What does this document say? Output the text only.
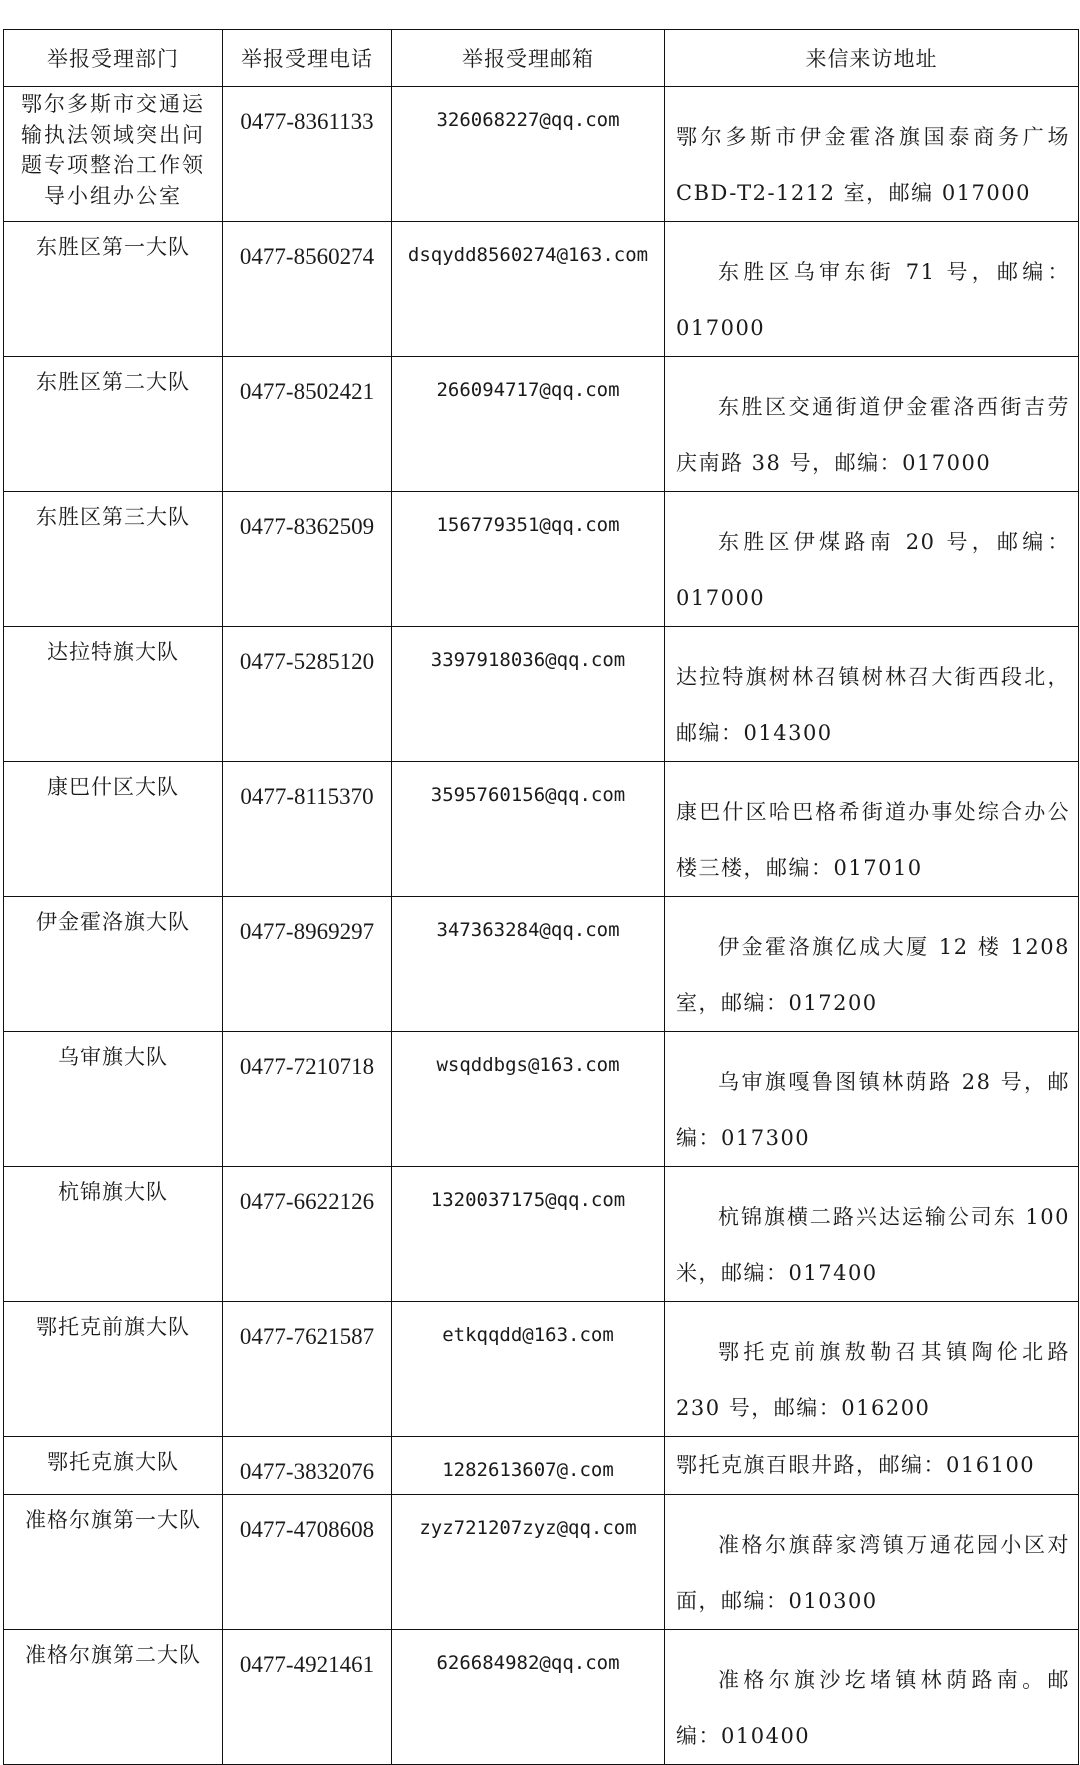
举报受理部门	举报受理电话	举报受理邮箱	来信来访地址
鄂尔多斯市交通运输执法领域突出问题专项整治工作领导小组办公室	0477-8361133	326068227@qq.com	鄂尔多斯市伊金霍洛旗国泰商务广场CBD-T2-1212 室，邮编 017000
东胜区第一大队	0477-8560274	dsqydd8560274@163.com	东胜区乌审东街 71 号，邮编：017000
东胜区第二大队	0477-8502421	266094717@qq.com	东胜区交通街道伊金霍洛西街吉劳庆南路 38 号，邮编：017000
东胜区第三大队	0477-8362509	156779351@qq.com	东胜区伊煤路南 20 号，邮编：017000
达拉特旗大队	0477-5285120	3397918036@qq.com	达拉特旗树林召镇树林召大街西段北，邮编：014300
康巴什区大队	0477-8115370	3595760156@qq.com	康巴什区哈巴格希街道办事处综合办公楼三楼，邮编：017010
伊金霍洛旗大队	0477-8969297	347363284@qq.com	伊金霍洛旗亿成大厦 12 楼 1208 室，邮编：017200
乌审旗大队	0477-7210718	wsqddbgs@163.com	乌审旗嘎鲁图镇林荫路 28 号，邮编：017300
杭锦旗大队	0477-6622126	1320037175@qq.com	杭锦旗横二路兴达运输公司东 100 米，邮编：017400
鄂托克前旗大队	0477-7621587	etkqqdd@163.com	鄂托克前旗敖勒召其镇陶伦北路 230 号，邮编：016200
鄂托克旗大队	0477-3832076	1282613607@.com	鄂托克旗百眼井路，邮编：016100
准格尔旗第一大队	0477-4708608	zyz721207zyz@qq.com	准格尔旗薛家湾镇万通花园小区对面，邮编：010300
准格尔旗第二大队	0477-4921461	626684982@qq.com	准格尔旗沙圪堵镇林荫路南。邮编：010400
